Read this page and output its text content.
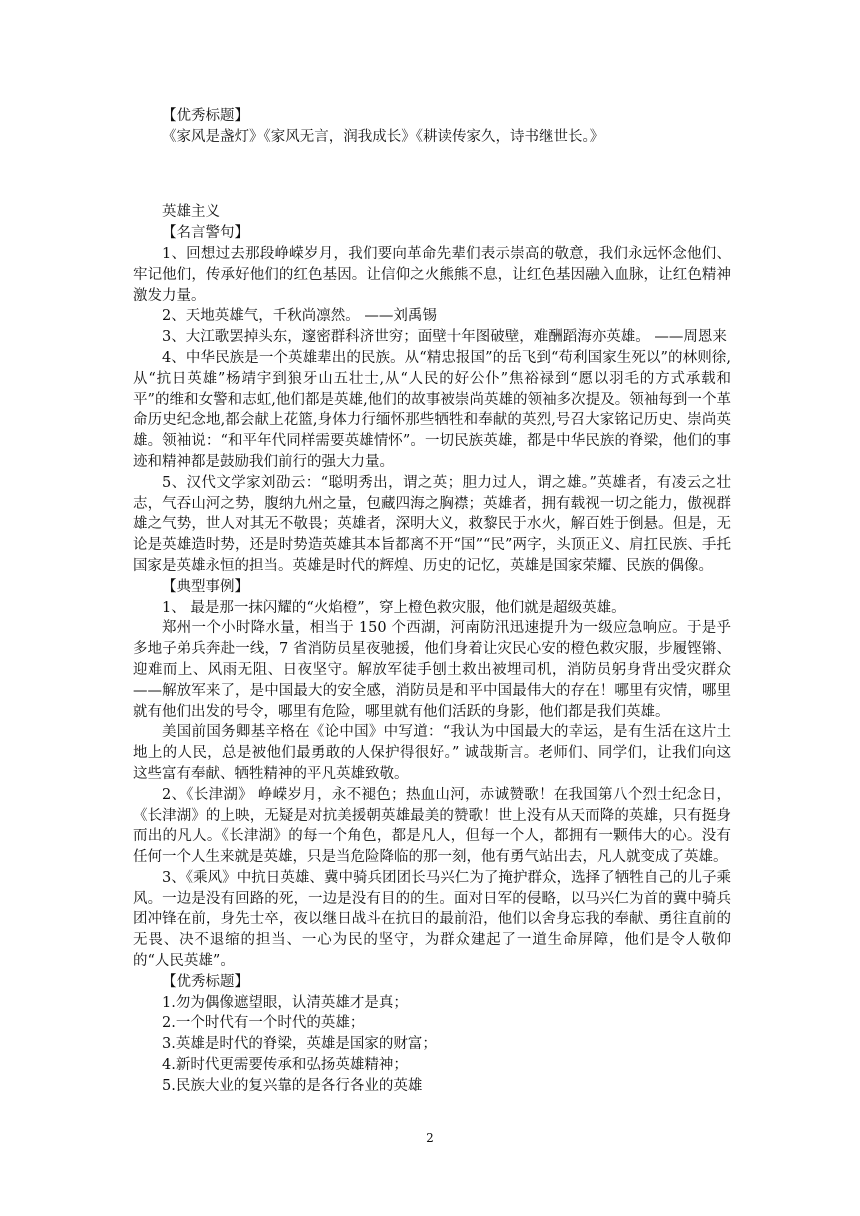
【优秀标题】

《家风是盏灯》《家风无言，润我成长》《耕读传家久，诗书继世长。》

英雄主义

【名言警句】

1、回想过去那段峥嵘岁月，我们要向革命先辈们表示崇高的敬意，我们永远怀念他们、牢记他们，传承好他们的红色基因。让信仰之火熊熊不息，让红色基因融入血脉，让红色精神激发力量。

2、天地英雄气，千秋尚凛然。 ——刘禹锡

3、大江歌罢掉头东，邃密群科济世穷；面壁十年图破壁，难酬蹈海亦英雄。 ——周恩来

4、中华民族是一个英雄辈出的民族。从“精忠报国”的岳飞到“苟利国家生死以”的林则徐,从“抗日英雄”杨靖宇到狼牙山五壮士,从“人民的好公仆”焦裕禄到“愿以羽毛的方式承载和平”的维和女警和志虹,他们都是英雄,他们的故事被崇尚英雄的领袖多次提及。领袖每到一个革命历史纪念地,都会献上花篮,身体力行缅怀那些牺牲和奉献的英烈,号召大家铭记历史、崇尚英雄。领袖说：“和平年代同样需要英雄情怀”。一切民族英雄，都是中华民族的脊梁，他们的事迹和精神都是鼓励我们前行的强大力量。

5、汉代文学家刘劭云：“聪明秀出，谓之英；胆力过人，谓之雄。”英雄者，有凌云之壮志，气吞山河之势，腹纳九州之量，包藏四海之胸襟；英雄者，拥有载视一切之能力，傲视群雄之气势，世人对其无不敬畏；英雄者，深明大义，救黎民于水火，解百姓于倒悬。但是，无论是英雄造时势，还是时势造英雄其本旨都离不开“国”“民”两字，头顶正义、肩扛民族、手托国家是英雄永恒的担当。英雄是时代的辉煌、历史的记忆，英雄是国家荣耀、民族的偶像。

【典型事例】

1、 最是那一抹闪耀的“火焰橙”，穿上橙色救灾服，他们就是超级英雄。

郑州一个小时降水量，相当于 150 个西湖，河南防汛迅速提升为一级应急响应。于是乎多地子弟兵奔赴一线，7 省消防员星夜驰援，他们身着让灾民心安的橙色救灾服，步履铿锵、迎难而上、风雨无阻、日夜坚守。解放军徒手刨土救出被埋司机，消防员躬身背出受灾群众——解放军来了，是中国最大的安全感，消防员是和平中国最伟大的存在！哪里有灾情，哪里就有他们出发的号令，哪里有危险，哪里就有他们活跃的身影，他们都是我们英雄。

美国前国务卿基辛格在《论中国》中写道：“我认为中国最大的幸运，是有生活在这片土地上的人民，总是被他们最勇敢的人保护得很好。” 诚哉斯言。老师们、同学们，让我们向这这些富有奉献、牺牲精神的平凡英雄致敬。

2、《长津湖》 峥嵘岁月，永不褪色；热血山河，赤诚赞歌！在我国第八个烈士纪念日，《长津湖》的上映，无疑是对抗美援朝英雄最美的赞歌！世上没有从天而降的英雄，只有挺身而出的凡人。《长津湖》的每一个角色，都是凡人，但每一个人，都拥有一颗伟大的心。没有任何一个人生来就是英雄，只是当危险降临的那一刻，他有勇气站出去，凡人就变成了英雄。

3、《乘风》中抗日英雄、冀中骑兵团团长马兴仁为了掩护群众，选择了牺牲自己的儿子乘风。一边是没有回路的死，一边是没有目的的生。面对日军的侵略，以马兴仁为首的冀中骑兵团冲锋在前，身先士卒，夜以继日战斗在抗日的最前沿，他们以舍身忘我的奉献、勇往直前的无畏、决不退缩的担当、一心为民的坚守，为群众建起了一道生命屏障，他们是令人敬仰的“人民英雄”。

【优秀标题】

1.勿为偶像遮望眼，认清英雄才是真；

2.一个时代有一个时代的英雄；

3.英雄是时代的脊梁，英雄是国家的财富；

4.新时代更需要传承和弘扬英雄精神；

5.民族大业的复兴靠的是各行各业的英雄

2
